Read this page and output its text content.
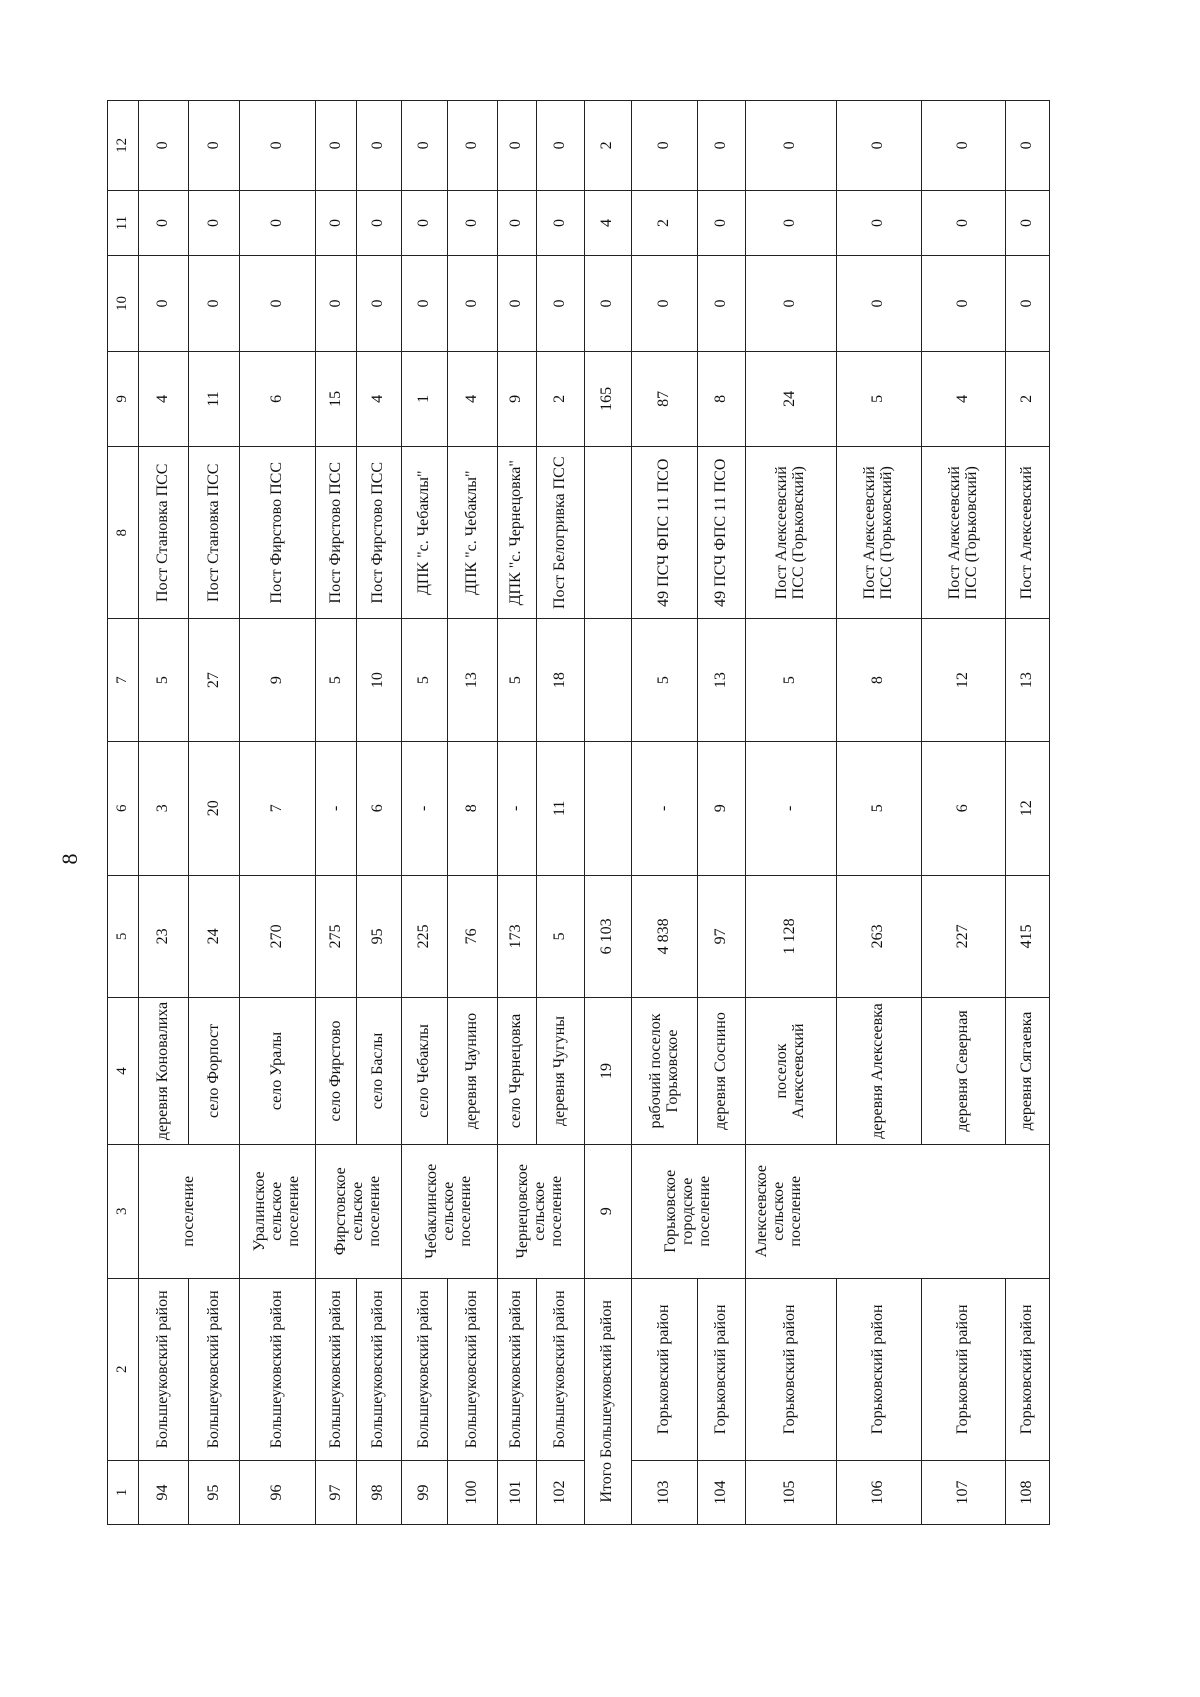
8
1	2	3	4	5	6	7	8	9	10	11	12
94	Большеуковский район	поселение	деревня Коновалиха	23	3	5	Пост Становка ПСС	4	0	0	0
95	Большеуковский район		село Форпост	24	20	27	Пост Становка ПСС	11	0	0	0
96	Большеуковский район	Уралинское сельское поселение	село Уралы	270	7	9	Пост Фирстово ПСС	6	0	0	0
97	Большеуковский район	Фирстовское сельское поселение	село Фирстово	275	-	5	Пост Фирстово ПСС	15	0	0	0
98	Большеуковский район		село Баслы	95	6	10	Пост Фирстово ПСС	4	0	0	0
99	Большеуковский район	Чебаклинское сельское поселение	село Чебаклы	225	-	5	ДПК "с. Чебаклы"	1	0	0	0
100	Большеуковский район		деревня Чаунино	76	8	13	ДПК "с. Чебаклы"	4	0	0	0
101	Большеуковский район	Чернецовское сельское поселение	село Чернецовка	173	-	5	ДПК "с. Чернецовка"	9	0	0	0
102	Большеуковский район		деревня Чугуны	5	11	18	Пост Белогривка ПСС	2	0	0	0
Итого Большеуковский район		9	19	6 103				165	0	4	2
103	Горьковский район	Горьковское городское поселение	рабочий поселок Горьковское	4 838	-	5	49 ПСЧ ФПС 11 ПСО	87	0	2	0
104	Горьковский район		деревня Соснино	97	9	13	49 ПСЧ ФПС 11 ПСО	8	0	0	0
105	Горьковский район	Алексеевское сельское поселение	поселок Алексеевский	1 128	-	5	Пост Алексеевский ПСС (Горьковский)	24	0	0	0
106	Горьковский район		деревня Алексеевка	263	5	8	Пост Алексеевский ПСС (Горьковский)	5	0	0	0
107	Горьковский район		деревня Северная	227	6	12	Пост Алексеевский ПСС (Горьковский)	4	0	0	0
108	Горьковский район		деревня Сягаевка	415	12	13	Пост Алексеевский	2	0	0	0
